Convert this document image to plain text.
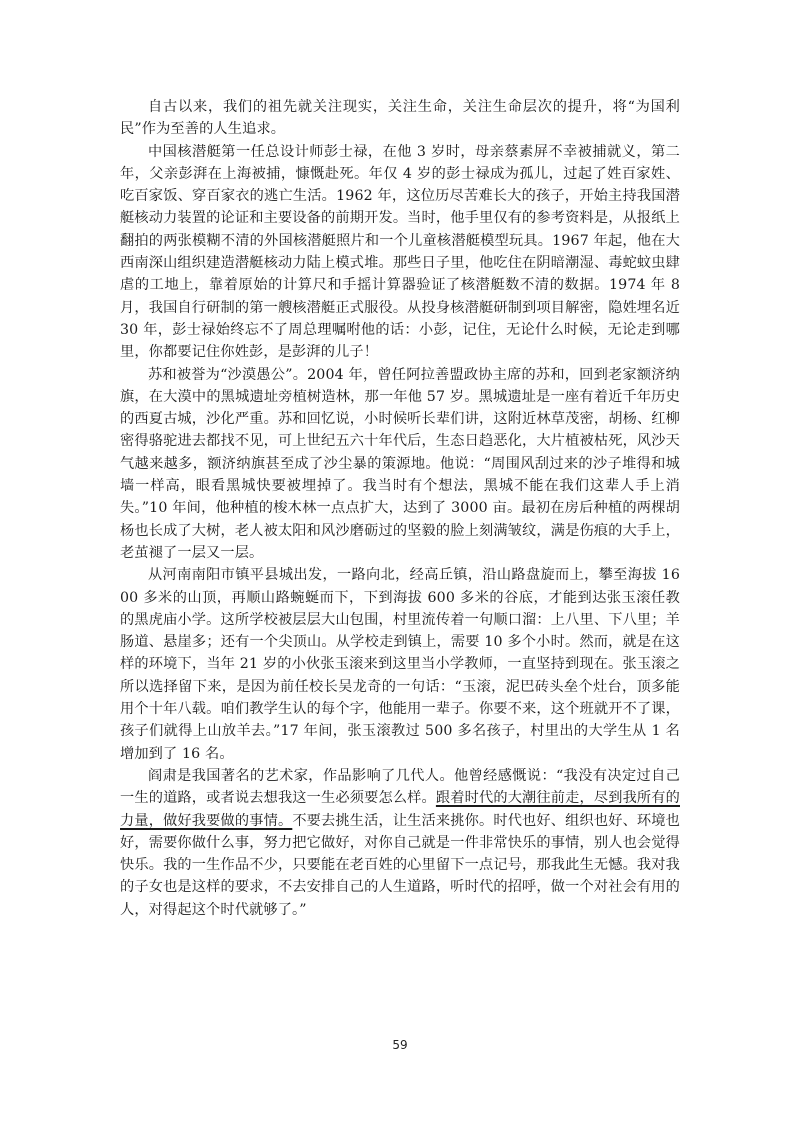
自古以来，我们的祖先就关注现实，关注生命，关注生命层次的提升，将“为国利民”作为至善的人生追求。

中国核潜艇第一任总设计师彭士禄，在他 3 岁时，母亲蔡素屏不幸被捕就义，第二年，父亲彭湃在上海被捕，慷慨赴死。年仅 4 岁的彭士禄成为孤儿，过起了姓百家姓、吃百家饭、穿百家衣的逃亡生活。1962 年，这位历尽苦难长大的孩子，开始主持我国潜艇核动力装置的论证和主要设备的前期开发。当时，他手里仅有的参考资料是，从报纸上翻拍的两张模糊不清的外国核潜艇照片和一个儿童核潜艇模型玩具。1967 年起，他在大西南深山组织建造潜艇核动力陆上模式堆。那些日子里，他吃住在阴暗潮湿、毒蛇蚊虫肆虐的工地上，靠着原始的计算尺和手摇计算器验证了核潜艇数不清的数据。1974 年 8 月，我国自行研制的第一艘核潜艇正式服役。从投身核潜艇研制到项目解密，隐姓埋名近 30 年，彭士禄始终忘不了周总理嘱咐他的话：小彭，记住，无论什么时候，无论走到哪里，你都要记住你姓彭，是彭湃的儿子！

苏和被誉为“沙漠愚公”。2004 年，曾任阿拉善盟政协主席的苏和，回到老家额济纳旗，在大漠中的黑城遗址旁植树造林，那一年他 57 岁。黑城遗址是一座有着近千年历史的西夏古城，沙化严重。苏和回忆说，小时候听长辈们讲，这附近林草茂密，胡杨、红柳密得骆驼进去都找不见，可上世纪五六十年代后，生态日趋恶化，大片植被枯死，风沙天气越来越多，额济纳旗甚至成了沙尘暴的策源地。他说：“周围风刮过来的沙子堆得和城墙一样高，眼看黑城快要被埋掉了。我当时有个想法，黑城不能在我们这辈人手上消失。”10 年间，他种植的梭木林一点点扩大，达到了 3000 亩。最初在房后种植的两棵胡杨也长成了大树，老人被太阳和风沙磨砺过的坚毅的脸上刻满皱纹，满是伤痕的大手上，老茧褪了一层又一层。

从河南南阳市镇平县城出发，一路向北，经高丘镇，沿山路盘旋而上，攀至海拔 1600 多米的山顶，再顺山路蜿蜒而下，下到海拔 600 多米的谷底，才能到达张玉滚任教的黑虎庙小学。这所学校被层层大山包围，村里流传着一句顺口溜：上八里、下八里；羊肠道、悬崖多；还有一个尖顶山。从学校走到镇上，需要 10 多个小时。然而，就是在这样的环境下，当年 21 岁的小伙张玉滚来到这里当小学教师，一直坚持到现在。张玉滚之所以选择留下来，是因为前任校长吴龙奇的一句话：“玉滚，泥巴砖头垒个灶台，顶多能用个十年八载。咱们教学生认的每个字，他能用一辈子。你要不来，这个班就开不了课，孩子们就得上山放羊去。”17 年间，张玉滚教过 500 多名孩子，村里出的大学生从 1 名增加到了 16 名。

阎肃是我国著名的艺术家，作品影响了几代人。他曾经感慨说：“我没有决定过自己一生的道路，或者说去想我这一生必须要怎么样。跟着时代的大潮往前走，尽到我所有的力量，做好我要做的事情。不要去挑生活，让生活来挑你。时代也好、组织也好、环境也好，需要你做什么事，努力把它做好，对你自己就是一件非常快乐的事情，别人也会觉得快乐。我的一生作品不少，只要能在老百姓的心里留下一点记号，那我此生无憾。我对我的子女也是这样的要求，不去安排自己的人生道路，听时代的招呼，做一个对社会有用的人，对得起这个时代就够了。”

59
